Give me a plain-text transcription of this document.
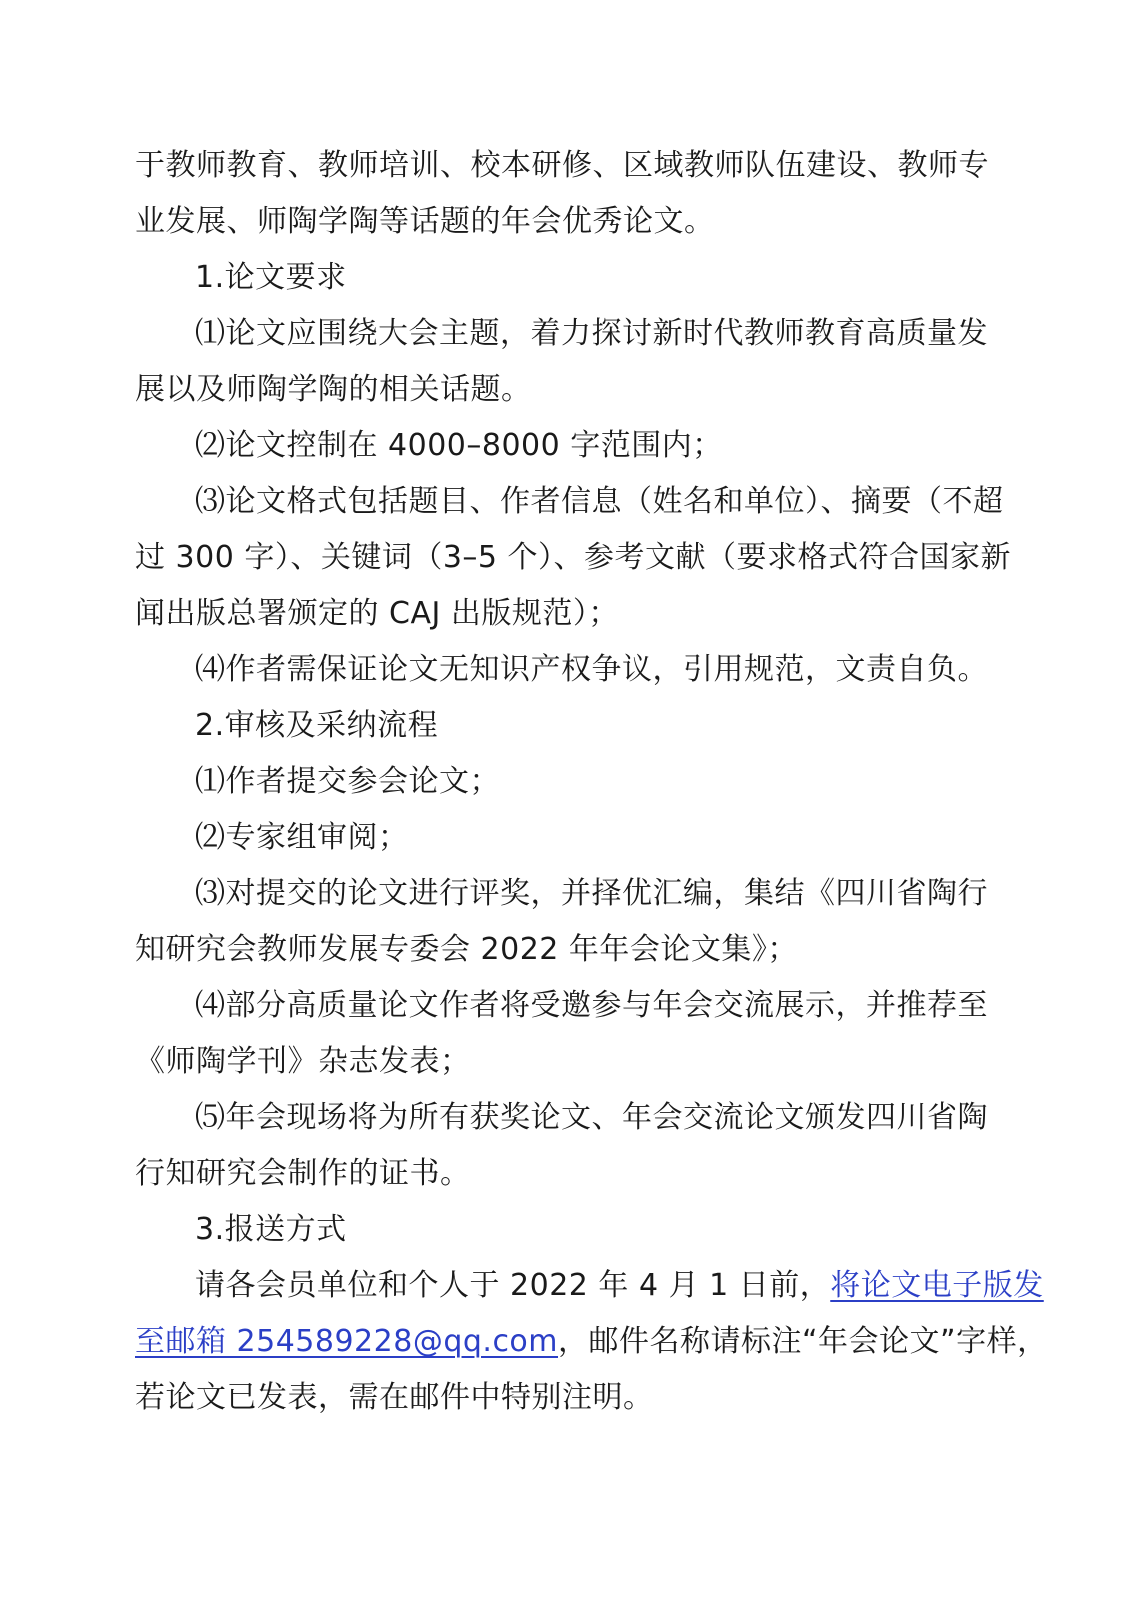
于教师教育、教师培训、校本研修、区域教师队伍建设、教师专

业发展、师陶学陶等话题的年会优秀论文。

1.论文要求

⑴论文应围绕大会主题，着力探讨新时代教师教育高质量发

展以及师陶学陶的相关话题。

⑵论文控制在 4000–8000 字范围内；

⑶论文格式包括题目、作者信息（姓名和单位）、摘要（不超

过 300 字）、关键词（3–5 个）、参考文献（要求格式符合国家新

闻出版总署颁定的 CAJ 出版规范）；

⑷作者需保证论文无知识产权争议，引用规范，文责自负。

2.审核及采纳流程

⑴作者提交参会论文；

⑵专家组审阅；

⑶对提交的论文进行评奖，并择优汇编，集结《四川省陶行

知研究会教师发展专委会 2022 年年会论文集》；

⑷部分高质量论文作者将受邀参与年会交流展示，并推荐至

《师陶学刊》杂志发表；

⑸年会现场将为所有获奖论文、年会交流论文颁发四川省陶

行知研究会制作的证书。

3.报送方式

请各会员单位和个人于 2022 年 4 月 1 日前，将论文电子版发

至邮箱 254589228@qq.com，邮件名称请标注“年会论文”字样，

若论文已发表，需在邮件中特别注明。
